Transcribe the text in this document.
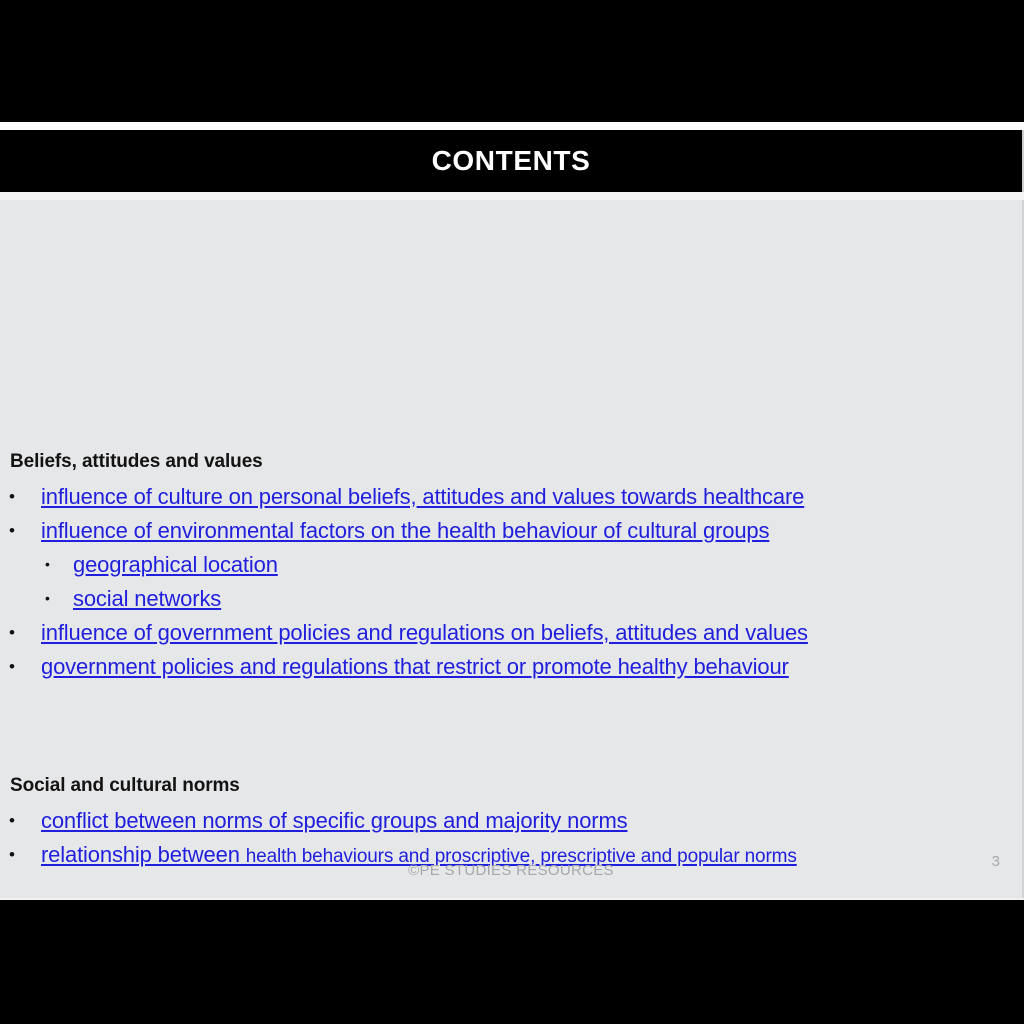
CONTENTS
Beliefs, attitudes and values
• influence of culture on personal beliefs, attitudes and values towards healthcare
• influence of environmental factors on the health behaviour of cultural groups
•	geographical location
•	social networks
• influence of government policies and regulations on beliefs, attitudes and values
• government policies and regulations that restrict or promote healthy behaviour
Social and cultural norms
• conflict between norms of specific groups and majority norms
• relationship between health behaviours and proscriptive, prescriptive and popular norms
©PE STUDIES RESOURCES
3
